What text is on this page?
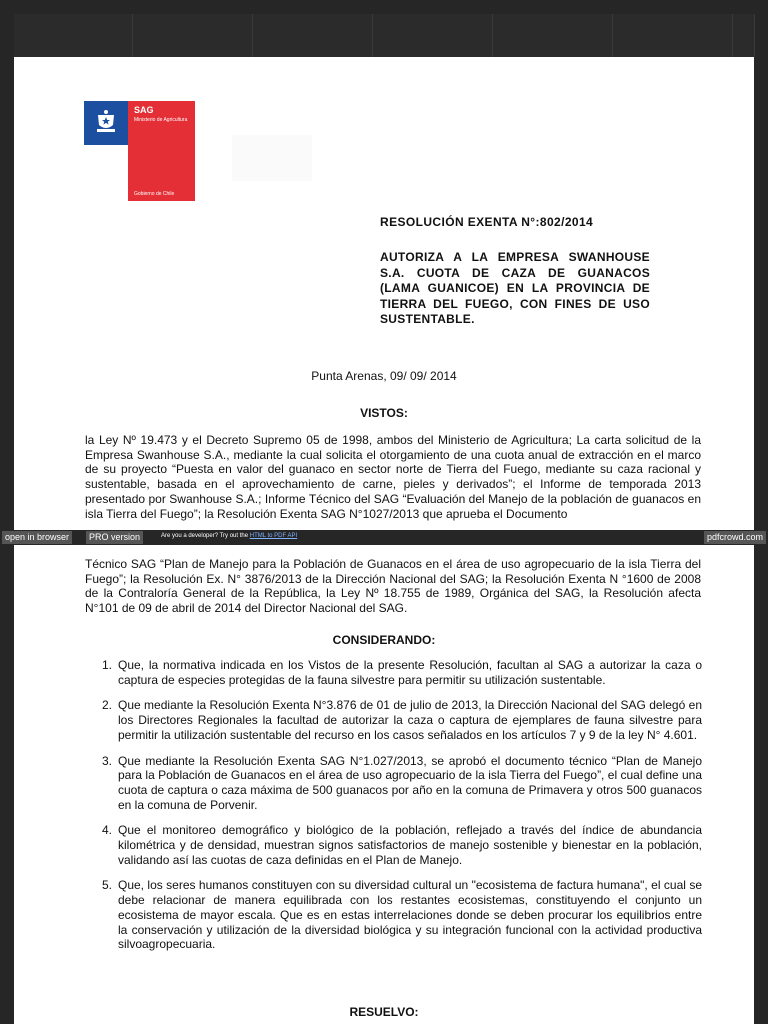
SAG
Ministerio de Agricultura
Gobierno de Chile
RESOLUCIÓN EXENTA N°:802/2014
AUTORIZA A LA EMPRESA SWANHOUSE S.A. CUOTA DE CAZA DE GUANACOS (LAMA GUANICOE) EN LA PROVINCIA DE TIERRA DEL FUEGO, CON FINES DE USO SUSTENTABLE.
Punta Arenas, 09/ 09/ 2014
VISTOS:
la Ley Nº 19.473 y el Decreto Supremo 05 de 1998, ambos del Ministerio de Agricultura; La carta solicitud de la Empresa Swanhouse S.A., mediante la cual solicita el otorgamiento de una cuota anual de extracción en el marco de su proyecto “Puesta en valor del guanaco en sector norte de Tierra del Fuego, mediante su caza racional y sustentable, basada en el aprovechamiento de carne, pieles y derivados”; el Informe de temporada 2013 presentado por Swanhouse S.A.; Informe Técnico del SAG “Evaluación del Manejo de la población de guanacos en isla Tierra del Fuego”; la Resolución Exenta SAG N°1027/2013 que aprueba el Documento
open in browser	PRO version	Are you a developer? Try out the HTML to PDF API	pdfcrowd.com
Técnico SAG “Plan de Manejo para la Población de Guanacos en el área de uso agropecuario de la isla Tierra del Fuego”; la Resolución Ex. N° 3876/2013 de la Dirección Nacional del SAG; la Resolución Exenta N °1600 de 2008 de la Contraloría General de la República, la Ley Nº 18.755 de 1989, Orgánica del SAG, la Resolución afecta N°101 de 09 de abril de 2014 del Director Nacional del SAG.
CONSIDERANDO:
1. Que, la normativa indicada en los Vistos de la presente Resolución, facultan al SAG a autorizar la caza o captura de especies protegidas de la fauna silvestre para permitir su utilización sustentable.
2. Que mediante la Resolución Exenta N°3.876 de 01 de julio de 2013, la Dirección Nacional del SAG delegó en los Directores Regionales la facultad de autorizar la caza o captura de ejemplares de fauna silvestre para permitir la utilización sustentable del recurso en los casos señalados en los artículos 7 y 9 de la ley N° 4.601.
3. Que mediante la Resolución Exenta SAG N°1.027/2013, se aprobó el documento técnico “Plan de Manejo para la Población de Guanacos en el área de uso agropecuario de la isla Tierra del Fuego”, el cual define una cuota de captura o caza máxima de 500 guanacos por año en la comuna de Primavera y otros 500 guanacos en la comuna de Porvenir.
4. Que el monitoreo demográfico y biológico de la población, reflejado a través del índice de abundancia kilométrica y de densidad, muestran signos satisfactorios de manejo sostenible y bienestar en la población, validando así las cuotas de caza definidas en el Plan de Manejo.
5. Que, los seres humanos constituyen con su diversidad cultural un "ecosistema de factura humana", el cual se debe relacionar de manera equilibrada con los restantes ecosistemas, constituyendo el conjunto un ecosistema de mayor escala. Que es en estas interrelaciones donde se deben procurar los equilibrios entre la conservación y utilización de la diversidad biológica y su integración funcional con la actividad productiva silvoagropecuaria.
RESUELVO:
